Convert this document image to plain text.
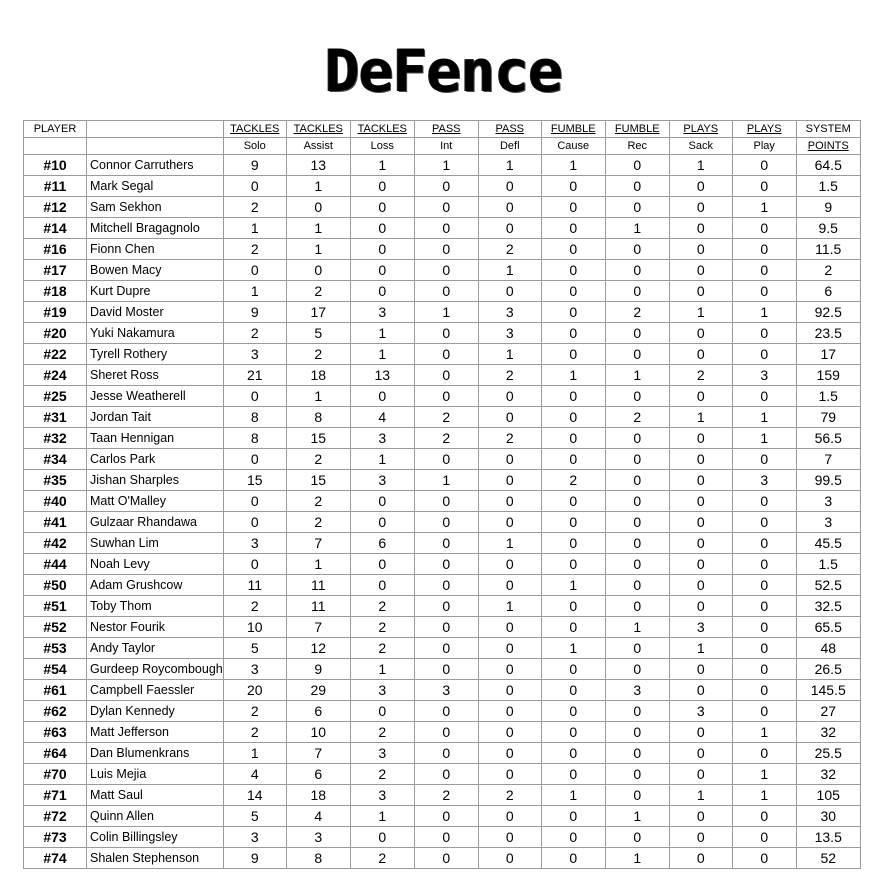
DeFence
PLAYER		TACKLES	TACKLES	TACKLES	PASS	PASS	FUMBLE	FUMBLE	PLAYS	PLAYS	SYSTEM
		Solo	Assist	Loss	Int	Defl	Cause	Rec	Sack	Play	POINTS
#10	Connor Carruthers	9	13	1	1	1	1	0	1	0	64.5
#11	Mark Segal	0	1	0	0	0	0	0	0	0	1.5
#12	Sam Sekhon	2	0	0	0	0	0	0	0	1	9
#14	Mitchell Bragagnolo	1	1	0	0	0	0	1	0	0	9.5
#16	Fionn Chen	2	1	0	0	2	0	0	0	0	11.5
#17	Bowen Macy	0	0	0	0	1	0	0	0	0	2
#18	Kurt Dupre	1	2	0	0	0	0	0	0	0	6
#19	David Moster	9	17	3	1	3	0	2	1	1	92.5
#20	Yuki Nakamura	2	5	1	0	3	0	0	0	0	23.5
#22	Tyrell Rothery	3	2	1	0	1	0	0	0	0	17
#24	Sheret Ross	21	18	13	0	2	1	1	2	3	159
#25	Jesse Weatherell	0	1	0	0	0	0	0	0	0	1.5
#31	Jordan Tait	8	8	4	2	0	0	2	1	1	79
#32	Taan Hennigan	8	15	3	2	2	0	0	0	1	56.5
#34	Carlos Park	0	2	1	0	0	0	0	0	0	7
#35	Jishan Sharples	15	15	3	1	0	2	0	0	3	99.5
#40	Matt O'Malley	0	2	0	0	0	0	0	0	0	3
#41	Gulzaar Rhandawa	0	2	0	0	0	0	0	0	0	3
#42	Suwhan Lim	3	7	6	0	1	0	0	0	0	45.5
#44	Noah Levy	0	1	0	0	0	0	0	0	0	1.5
#50	Adam Grushcow	11	11	0	0	0	1	0	0	0	52.5
#51	Toby Thom	2	11	2	0	1	0	0	0	0	32.5
#52	Nestor Fourik	10	7	2	0	0	0	1	3	0	65.5
#53	Andy Taylor	5	12	2	0	0	1	0	1	0	48
#54	Gurdeep Roycombough	3	9	1	0	0	0	0	0	0	26.5
#61	Campbell Faessler	20	29	3	3	0	0	3	0	0	145.5
#62	Dylan Kennedy	2	6	0	0	0	0	0	3	0	27
#63	Matt Jefferson	2	10	2	0	0	0	0	0	1	32
#64	Dan Blumenkrans	1	7	3	0	0	0	0	0	0	25.5
#70	Luis Mejia	4	6	2	0	0	0	0	0	1	32
#71	Matt Saul	14	18	3	2	2	1	0	1	1	105
#72	Quinn Allen	5	4	1	0	0	0	1	0	0	30
#73	Colin Billingsley	3	3	0	0	0	0	0	0	0	13.5
#74	Shalen Stephenson	9	8	2	0	0	0	1	0	0	52
